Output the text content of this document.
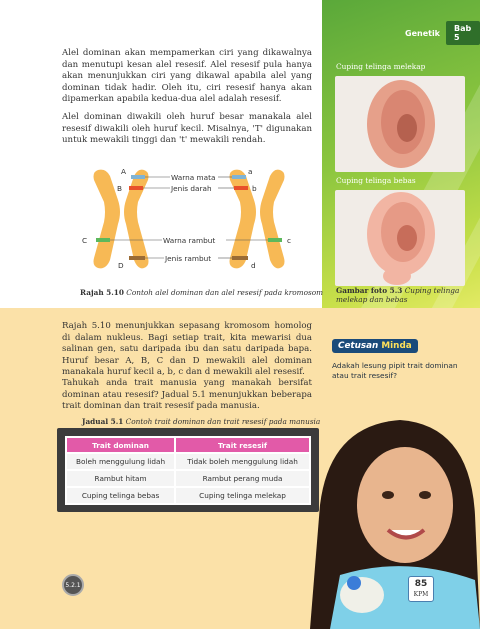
Genetik	Bab 5

Alel dominan akan mempamerkan ciri yang dikawalnya dan menutupi kesan alel resesif. Alel resesif pula hanya akan menunjukkan ciri yang dikawal apabila alel yang dominan tidak hadir. Oleh itu, ciri resesif hanya akan dipamerkan apabila kedua-dua alel adalah resesif.

Alel dominan diwakili oleh huruf besar manakala alel resesif diwakili oleh huruf kecil. Misalnya, 'T' digunakan untuk mewakili tinggi dan 't' mewakili rendah.

A
B
C
D
a
b
c
d
Warna mata
Jenis darah
Warna rambut
Jenis rambut
Rajah 5.10 Contoh alel dominan dan alel resesif pada kromosom
Cuping telinga melekap
Cuping telinga bebas
Gambar foto 5.3 Cuping telinga melekap dan bebas

Rajah 5.10 menunjukkan sepasang kromosom homolog di dalam nukleus. Bagi setiap trait, kita mewarisi dua salinan gen, satu daripada ibu dan satu daripada bapa. Huruf besar A, B, C dan D mewakili alel dominan manakala huruf kecil a, b, c dan d mewakili alel resesif.

Tahukah anda trait manusia yang manakah bersifat dominan atau resesif? Jadual 5.1 menunjukkan beberapa trait dominan dan trait resesif pada manusia.

Jadual 5.1 Contoh trait dominan dan trait resesif pada manusia
Trait dominan	Trait resesif
Boleh menggulung lidah	Tidak boleh menggulung lidah
Rambut hitam	Rambut perang muda
Cuping telinga bebas	Cuping telinga melekap
Cetusan Minda
Adakah lesung pipit trait dominan atau trait resesif?
5.2.1	85
KPM
